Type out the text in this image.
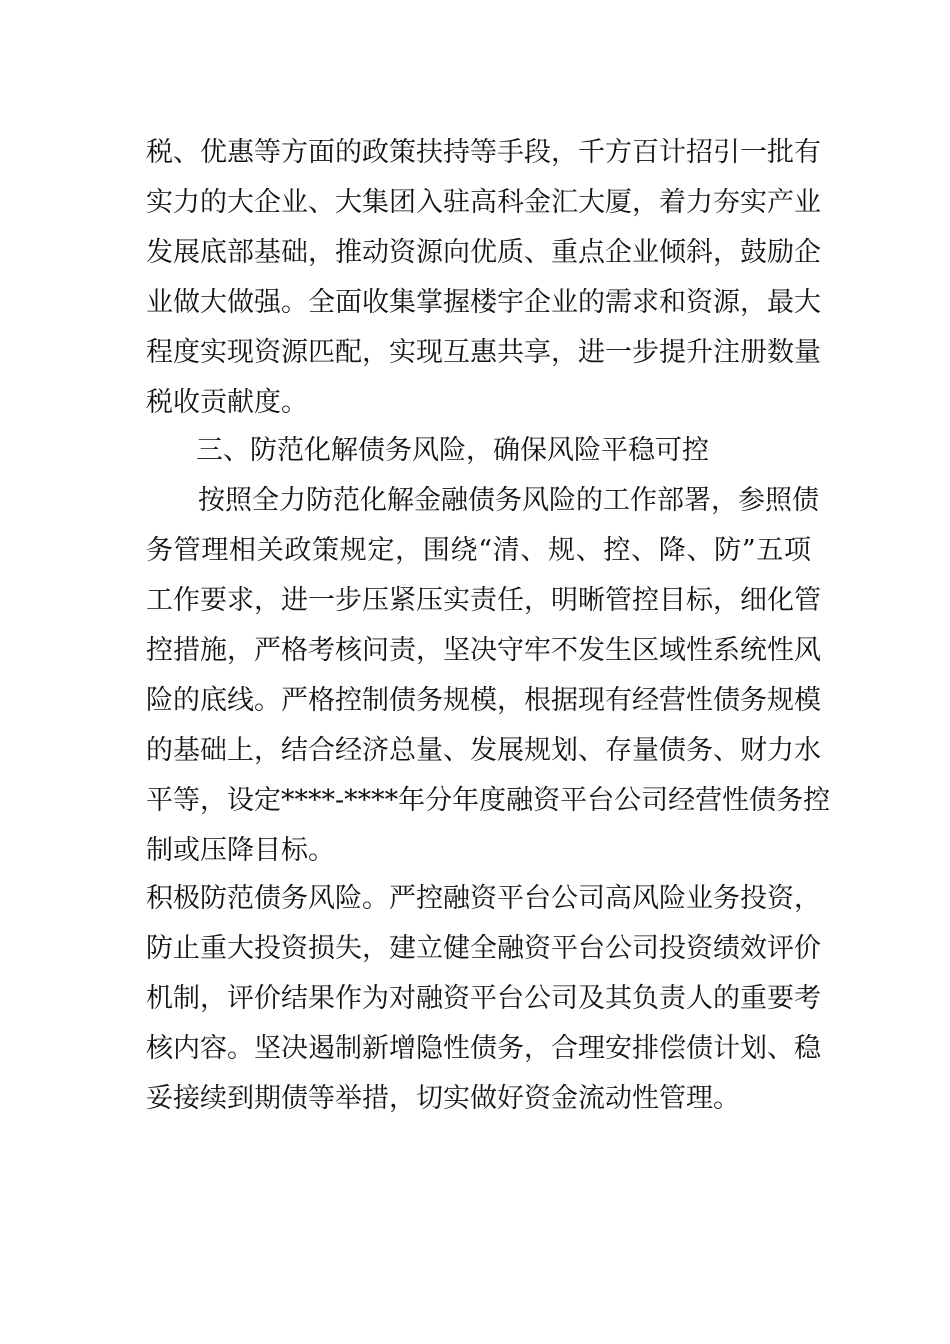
税、优惠等方面的政策扶持等手段，千方百计招引一批有
实力的大企业、大集团入驻高科金汇大厦，着力夯实产业
发展底部基础，推动资源向优质、重点企业倾斜，鼓励企
业做大做强。全面收集掌握楼宇企业的需求和资源，最大
程度实现资源匹配，实现互惠共享，进一步提升注册数量
税收贡献度。
三、防范化解债务风险，确保风险平稳可控
按照全力防范化解金融债务风险的工作部署，参照债
务管理相关政策规定，围绕“清、规、控、降、防”五项
工作要求，进一步压紧压实责任，明晰管控目标，细化管
控措施，严格考核问责，坚决守牢不发生区域性系统性风
险的底线。严格控制债务规模，根据现有经营性债务规模
的基础上，结合经济总量、发展规划、存量债务、财力水
平等，设定****-****年分年度融资平台公司经营性债务控
制或压降目标。
积极防范债务风险。严控融资平台公司高风险业务投资，
防止重大投资损失，建立健全融资平台公司投资绩效评价
机制，评价结果作为对融资平台公司及其负责人的重要考
核内容。坚决遏制新增隐性债务，合理安排偿债计划、稳
妥接续到期债等举措，切实做好资金流动性管理。
